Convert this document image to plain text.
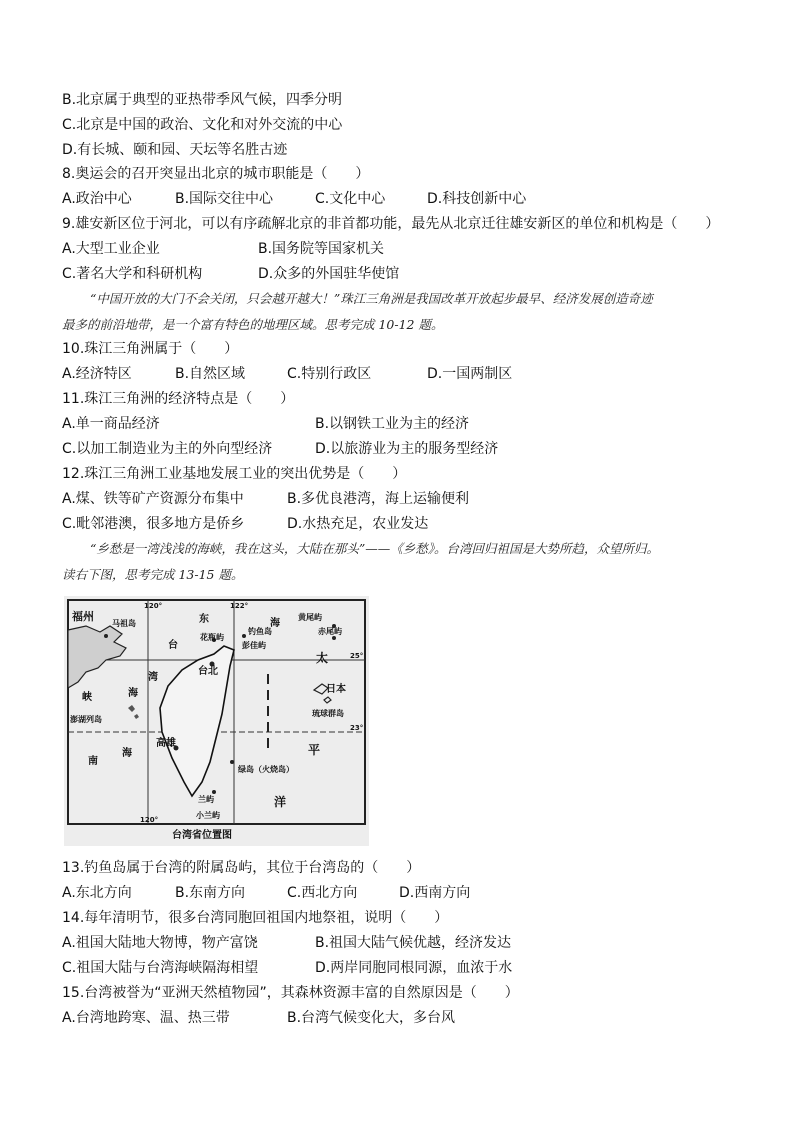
B.北京属于典型的亚热带季风气候，四季分明
C.北京是中国的政治、文化和对外交流的中心
D.有长城、颐和园、天坛等名胜古迹
8.奥运会的召开突显出北京的城市职能是（　　）
A.政治中心	B.国际交往中心	C.文化中心	D.科技创新中心
9.雄安新区位于河北，可以有序疏解北京的非首都功能，最先从北京迁往雄安新区的单位和机构是（　　）
A.大型工业企业	B.国务院等国家机关
C.著名大学和科研机构	D.众多的外国驻华使馆

“中国开放的大门不会关闭，只会越开越大！”珠江三角洲是我国改革开放起步最早、经济发展创造奇迹

最多的前沿地带，是一个富有特色的地理区域。思考完成 10-12 题。

10.珠江三角洲属于（　　）
A.经济特区	B.自然区域	C.特别行政区	D.一国两制区
11.珠江三角洲的经济特点是（　　）
A.单一商品经济	B.以钢铁工业为主的经济
C.以加工制造业为主的外向型经济	D.以旅游业为主的服务型经济
12.珠江三角洲工业基地发展工业的突出优势是（　　）
A.煤、铁等矿产资源分布集中	B.多优良港湾，海上运输便利
C.毗邻港澳，很多地方是侨乡	D.水热充足，农业发达

“乡愁是一湾浅浅的海峡，我在这头，大陆在那头”——《乡愁》。台湾回归祖国是大势所趋，众望所归。

读右下图，思考完成 13-15 题。

福州
马祖岛
120°	122°
东	海
钓鱼岛
黄尾屿
赤尾屿
花瓶屿
彭佳屿
台北
台
湾
海
峡
澎湖列岛
南
海
高雄
绿岛（火烧岛）
兰屿
小兰屿
太
平
洋
日本
琉球群岛
25°
23°
120°
台湾省位置图
13.钓鱼岛属于台湾的附属岛屿，其位于台湾岛的（　　）
A.东北方向	B.东南方向	C.西北方向	D.西南方向
14.每年清明节，很多台湾同胞回祖国内地祭祖，说明（　　）
A.祖国大陆地大物博，物产富饶	B.祖国大陆气候优越，经济发达
C.祖国大陆与台湾海峡隔海相望	D.两岸同胞同根同源，血浓于水
15.台湾被誉为“亚洲天然植物园”，其森林资源丰富的自然原因是（　　）
A.台湾地跨寒、温、热三带	B.台湾气候变化大，多台风
